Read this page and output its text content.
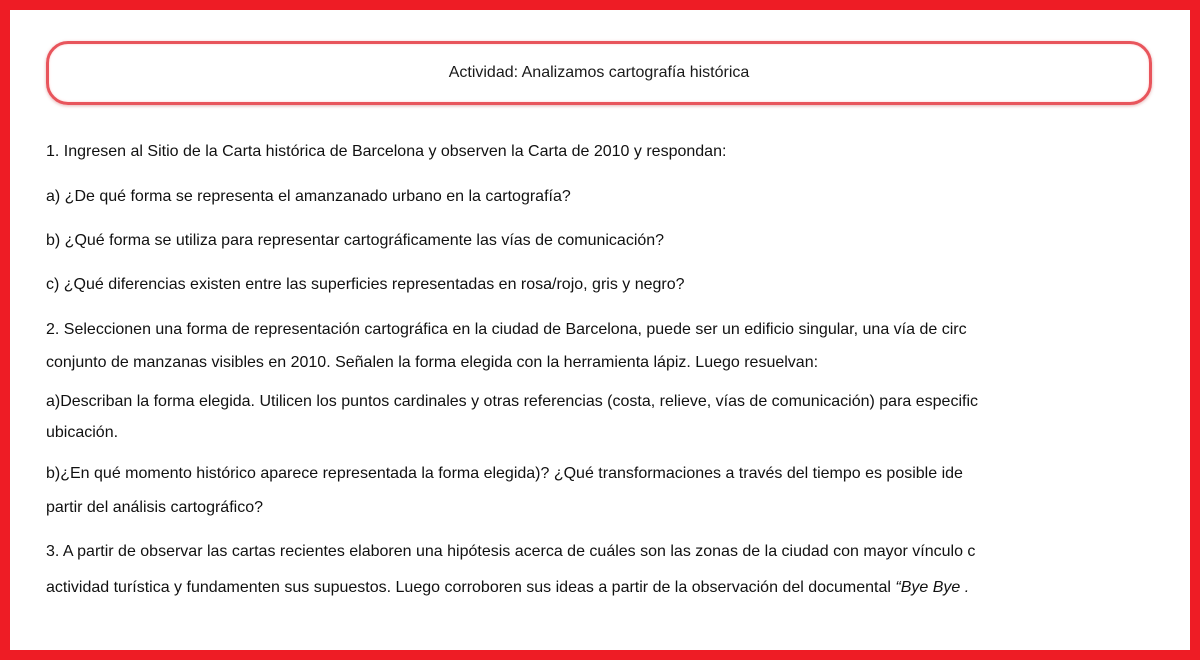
Actividad: Analizamos cartografía histórica
1. Ingresen al Sitio de la Carta histórica de Barcelona y observen la Carta de 2010 y respondan:
a) ¿De qué forma se representa el amanzanado urbano en la cartografía?
b) ¿Qué forma se utiliza para representar cartográficamente las vías de comunicación?
c) ¿Qué diferencias existen entre las superficies representadas en rosa/rojo, gris y negro?
2. Seleccionen una forma de representación cartográfica en la ciudad de Barcelona, puede ser un edificio singular, una vía de circ
conjunto de manzanas visibles en 2010. Señalen la forma elegida con la herramienta lápiz. Luego resuelvan:
a)Describan la forma elegida. Utilicen los puntos cardinales y otras referencias (costa, relieve, vías de comunicación) para especific
ubicación.
b)¿En qué momento histórico aparece representada la forma elegida)? ¿Qué transformaciones a través del tiempo es posible ide
partir del análisis cartográfico?
3. A partir de observar las cartas recientes elaboren una hipótesis acerca de cuáles son las zonas de la ciudad con mayor vínculo c
actividad turística y fundamenten sus supuestos. Luego corroboren sus ideas a partir de la observación del documental “Bye Bye .
